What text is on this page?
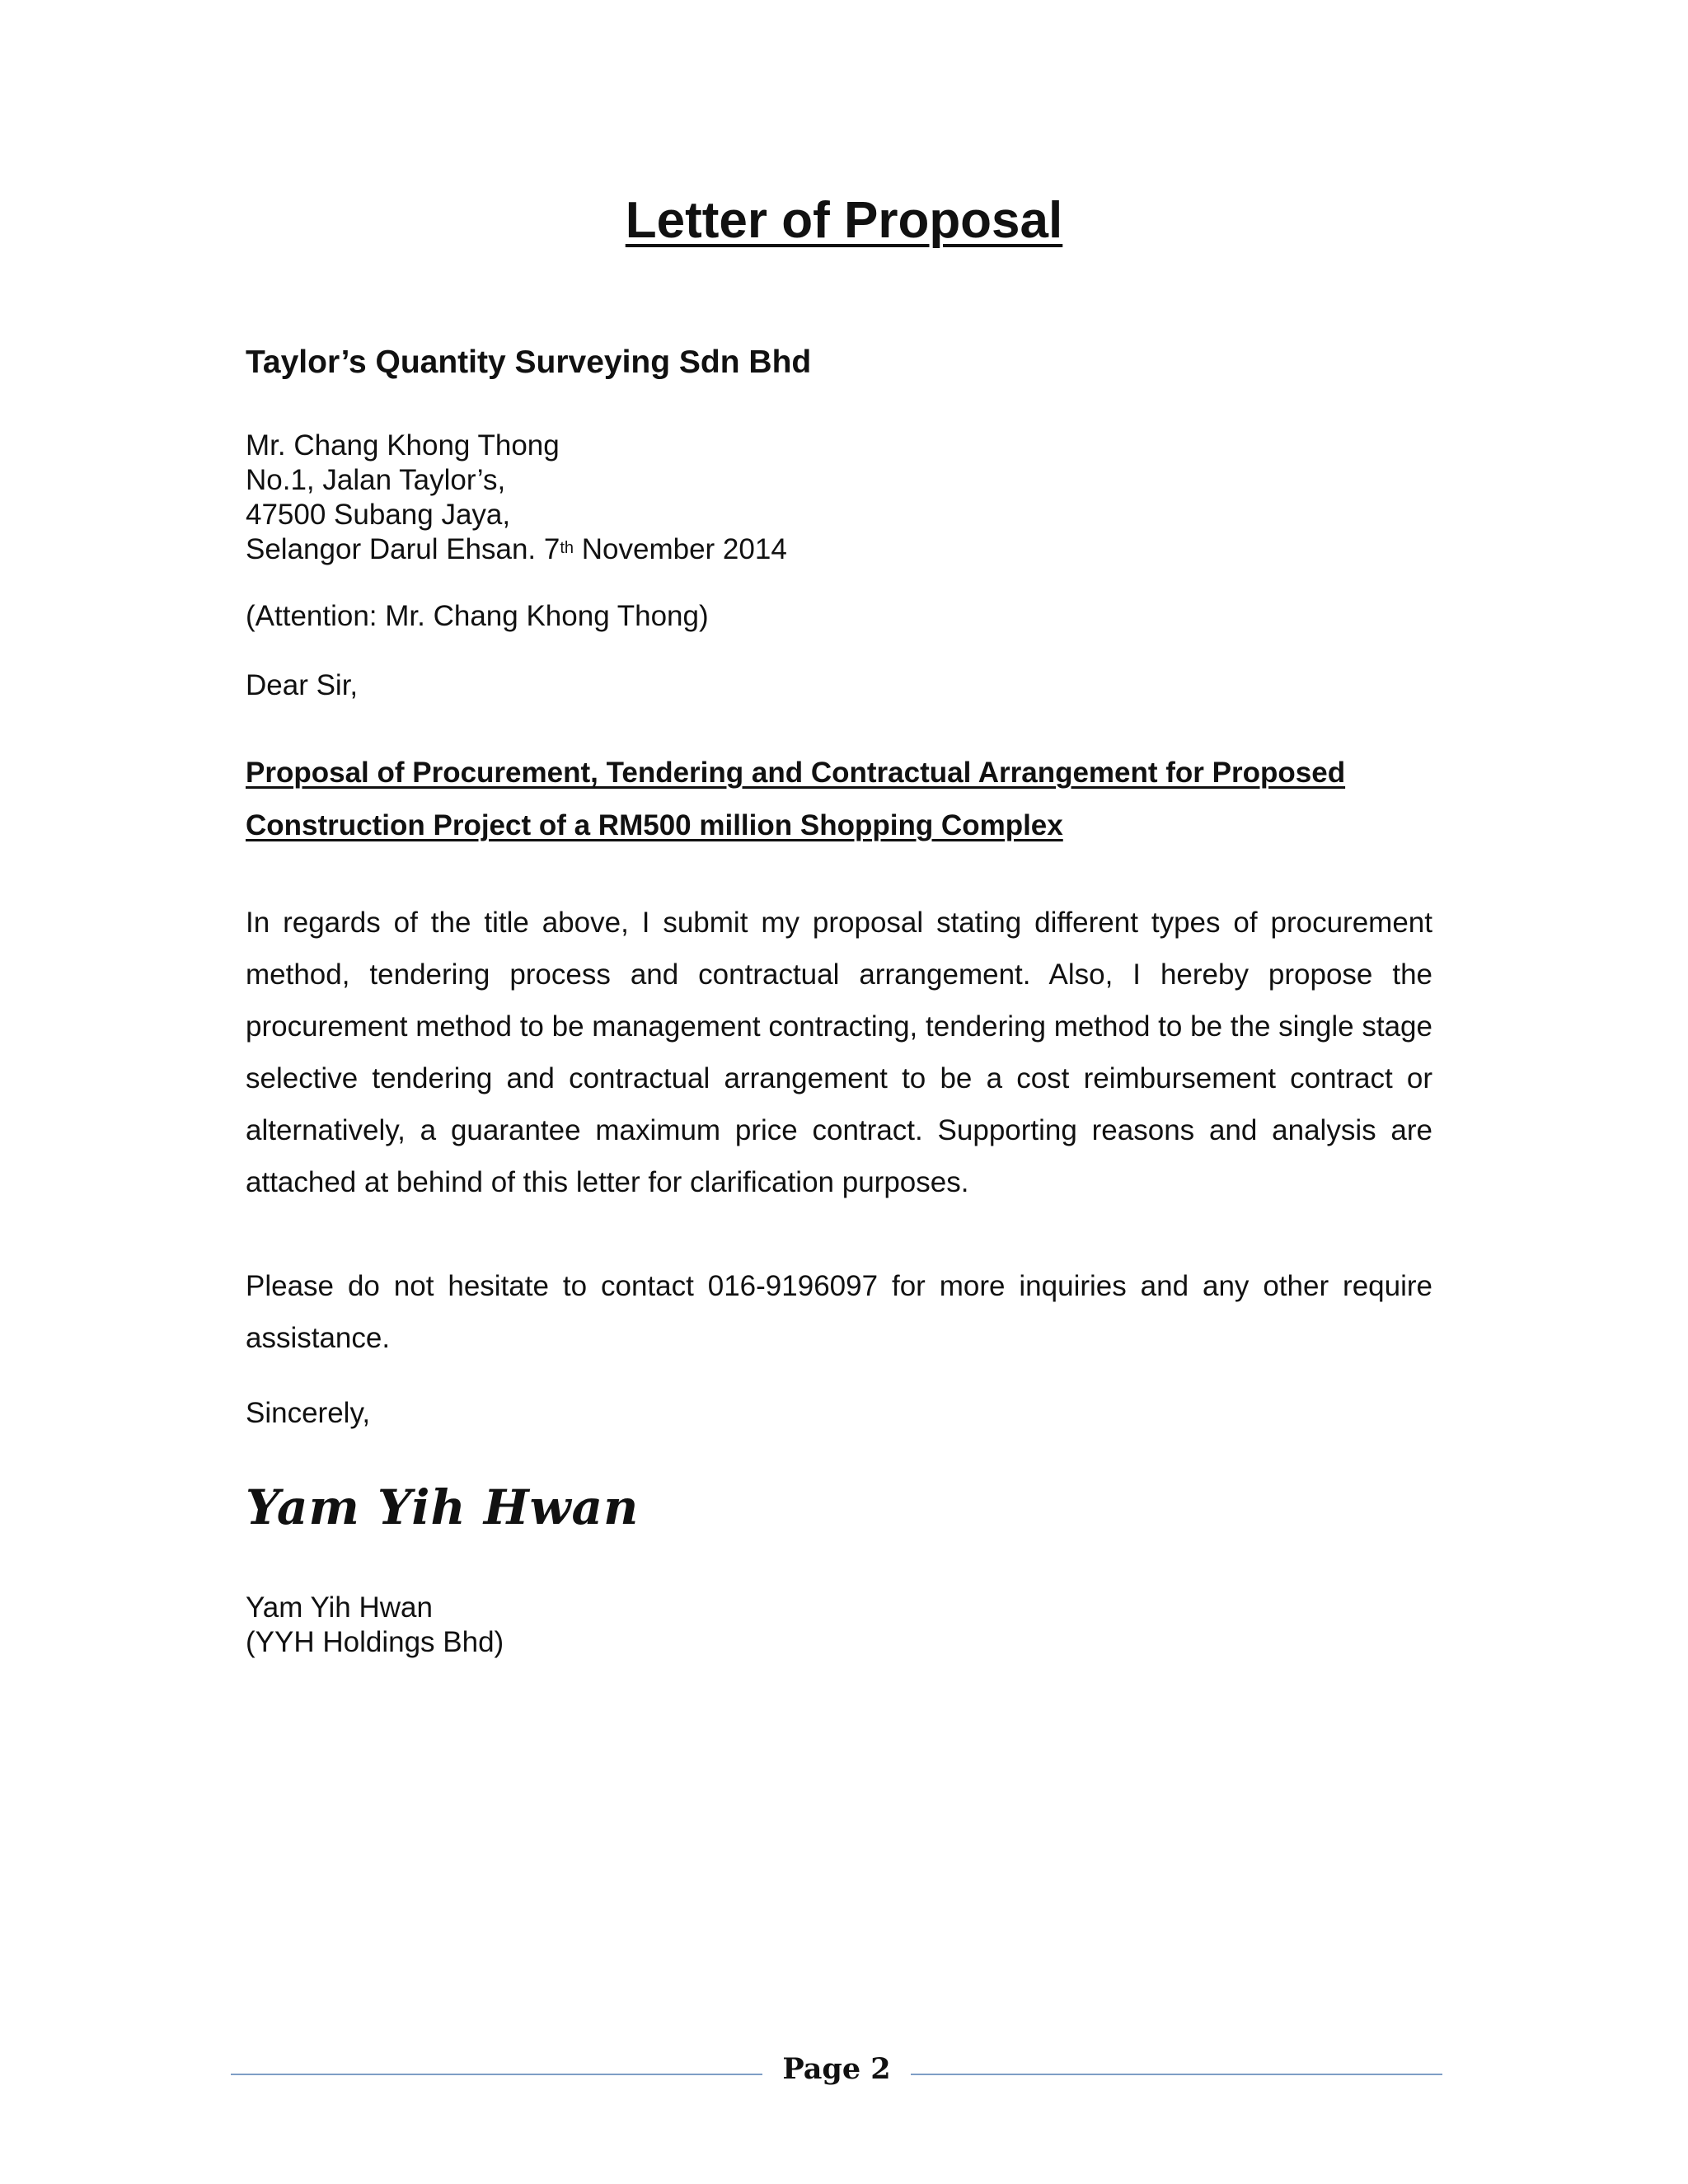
Letter of Proposal
Taylor’s Quantity Surveying Sdn Bhd
Mr. Chang Khong Thong
No.1, Jalan Taylor’s,
47500 Subang Jaya,
Selangor Darul Ehsan. 7th November 2014
(Attention: Mr. Chang Khong Thong)
Dear Sir,

Proposal of Procurement, Tendering and Contractual Arrangement for Proposed Construction Project of a RM500 million Shopping Complex

In regards of the title above, I submit my proposal stating different types of procurement method, tendering process and contractual arrangement. Also, I hereby propose the procurement method to be management contracting, tendering method to be the single stage selective tendering and contractual arrangement to be a cost reimbursement contract or alternatively, a guarantee maximum price contract. Supporting reasons and analysis are attached at behind of this letter for clarification purposes.

Please do not hesitate to contact 016-9196097 for more inquiries and any other require assistance.

Sincerely,
Yam Yih Hwan
Yam Yih Hwan
(YYH Holdings Bhd)
Page 2
